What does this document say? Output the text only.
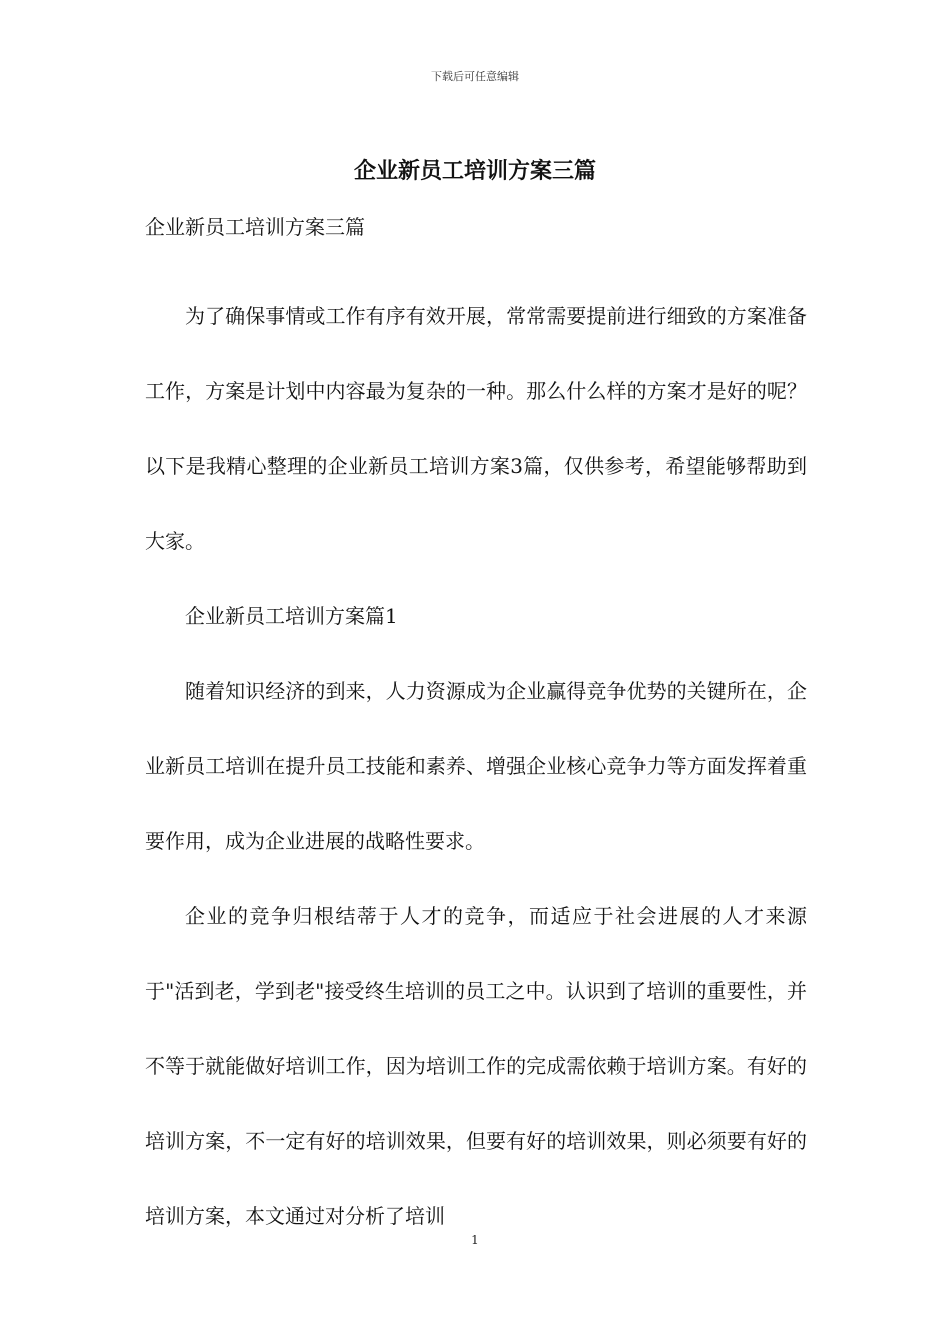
下载后可任意编辑
企业新员工培训方案三篇

企业新员工培训方案三篇

为了确保事情或工作有序有效开展，常常需要提前进行细致的方案准备工作，方案是计划中内容最为复杂的一种。那么什么样的方案才是好的呢？以下是我精心整理的企业新员工培训方案3篇，仅供参考，希望能够帮助到大家。

企业新员工培训方案篇1

随着知识经济的到来，人力资源成为企业赢得竞争优势的关键所在，企业新员工培训在提升员工技能和素养、增强企业核心竞争力等方面发挥着重要作用，成为企业进展的战略性要求。

企业的竞争归根结蒂于人才的竞争，而适应于社会进展的人才来源于"活到老，学到老"接受终生培训的员工之中。认识到了培训的重要性，并不等于就能做好培训工作，因为培训工作的完成需依赖于培训方案。有好的培训方案，不一定有好的培训效果，但要有好的培训效果，则必须要有好的培训方案，本文通过对分析了培训

1
